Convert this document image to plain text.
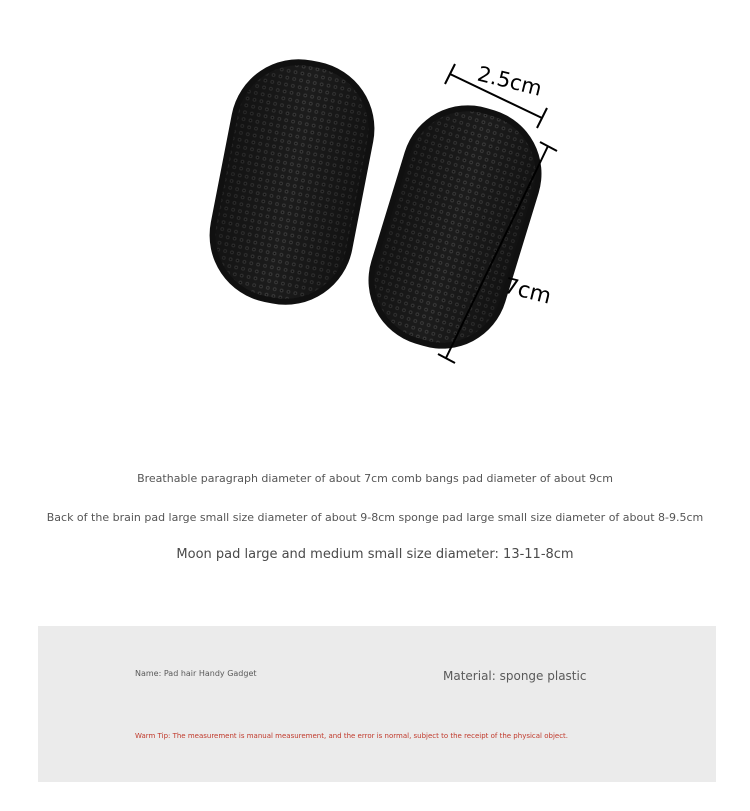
2.5cm
7cm

Breathable paragraph diameter of about 7cm comb bangs pad diameter of about 9cm

Back of the brain pad large small size diameter of about 9-8cm sponge pad large small size diameter of about 8-9.5cm

Moon pad large and medium small size diameter: 13-11-8cm

Name: Pad hair Handy Gadget	Material: sponge plastic
Warm Tip: The measurement is manual measurement, and the error is normal, subject to the receipt of the physical object.
